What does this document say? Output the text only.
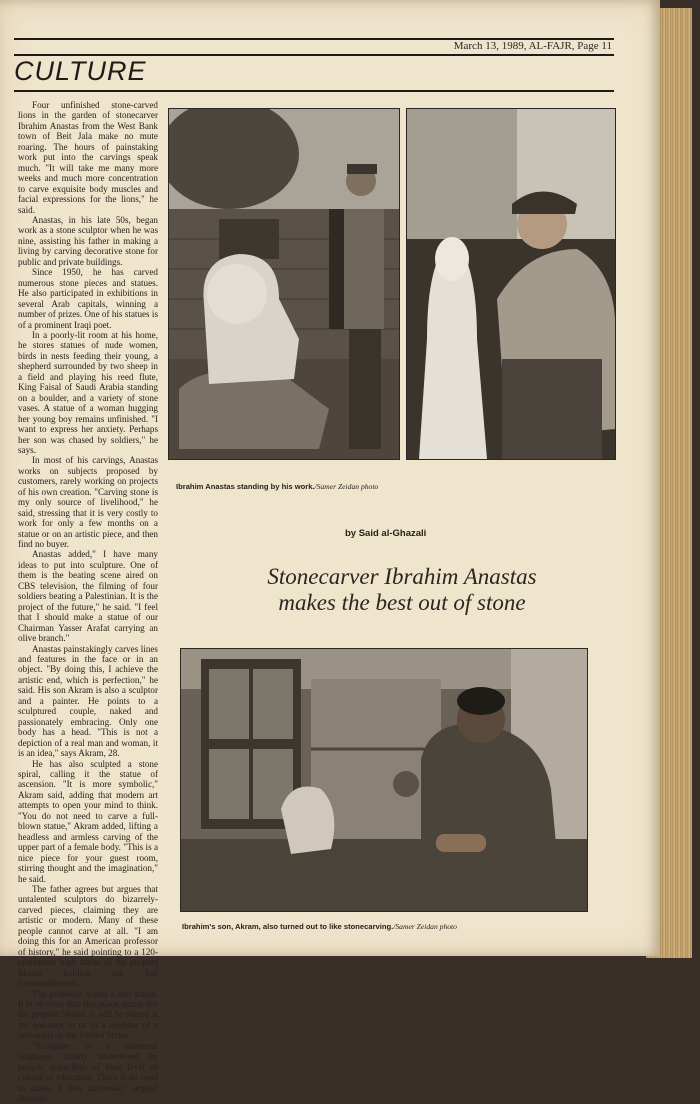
March 13, 1989, AL-FAJR, Page 11
CULTURE

Four unfinished stone-carved lions in the garden of stonecarver Ibrahim Anastas from the West Bank town of Beit Jala make no mute roaring. The hours of painstaking work put into the carvings speak much. "It will take me many more weeks and much more concentration to carve exquisite body muscles and facial expressions for the lions," he said.

Anastas, in his late 50s, began work as a stone sculptor when he was nine, assisting his father in making a living by carving decorative stone for public and private buildings.

Since 1950, he has carved numerous stone pieces and statues. He also participated in exhibitions in several Arab capitals, winning a number of prizes. One of his statues is of a prominent Iraqi poet.

In a poorly-lit room at his home, he stores statues of nude women, birds in nests feeding their young, a shepherd surrounded by two sheep in a field and playing his reed flute, King Faisal of Saudi Arabia standing on a boulder, and a variety of stone vases. A statue of a woman hugging her young boy remains unfinished. "I want to express her anxiety. Perhaps her son was chased by soldiers," he says.

In most of his carvings, Anastas works on subjects proposed by customers, rarely working on projects of his own creation. "Carving stone is my only source of livelihood," he said, stressing that it is very costly to work for only a few months on a statue or on an artistic piece, and then find no buyer.

Anastas added," I have many ideas to put into sculpture. One of them is the beating scene aired on CBS television, the filming of four soldiers beating a Palestinian. It is the project of the future," he said. "I feel that I should make a statue of our Chairman Yasser Arafat carrying an olive branch."

Anastas painstakingly carves lines and features in the face or in an object. "By doing this, I achieve the artistic end, which is perfection," he said. His son Akram is also a sculptor and a painter. He points to a sculptured couple, naked and passionately embracing. Only one body has a head. "This is not a depiction of a real man and woman, it is an idea," says Akram, 28.

He has also sculpted a stone spiral, calling it the statue of ascension. "It is more symbolic," Akram said, adding that modern art attempts to open your mind to think. "You do not need to carve a full-blown statue," Akram added, lifting a headless and armless carving of the upper part of a female body. "This is a nice piece for your guest room, stirring thought and the imagination," he said.

The father agrees but argues that untalented sculptors do bizarrely-carved pieces, claiming they are artistic or modern. Many of these people cannot carve at all. "I am doing this for an American professor of history," he said pointing to a 120-centimeter high statue of the prophet Moses holding the Ten Commandments.

The professor wants a real statue. It is obvious that this piece stands for the prophet Moses. It will be placed at the entrance to or in a corridor of a university in the United States.

"Sculpture is a universal language, clearly understood by people, regardless of their level of culture or education. There is no need to make it less universal," argued Anastas.

Ibrahim Anastas standing by his work./Samer Zeidan photo
by Said al-Ghazali
Stonecarver Ibrahim Anastas
makes the best out of stone
Ibrahim's son, Akram, also turned out to like stonecarving./Samer Zeidan photo
